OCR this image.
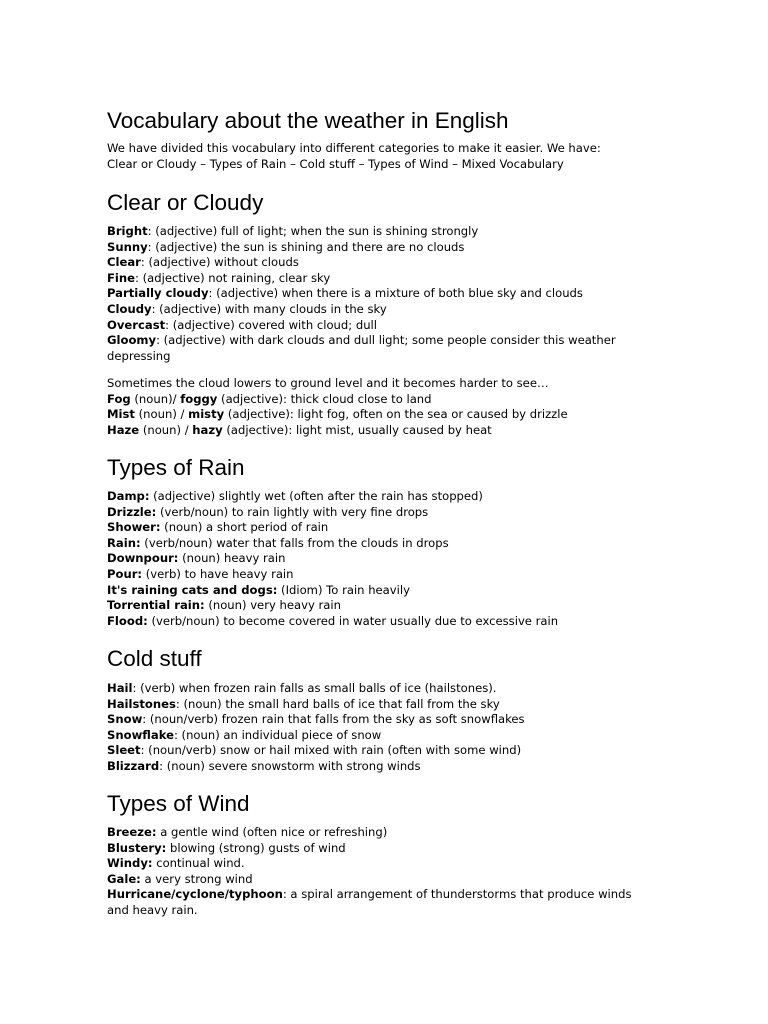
Vocabulary about the weather in English
We have divided this vocabulary into different categories to make it easier. We have:
Clear or Cloudy – Types of Rain – Cold stuff – Types of Wind – Mixed Vocabulary
Clear or Cloudy
Bright: (adjective) full of light; when the sun is shining strongly
Sunny: (adjective) the sun is shining and there are no clouds
Clear: (adjective) without clouds
Fine: (adjective) not raining, clear sky
Partially cloudy: (adjective) when there is a mixture of both blue sky and clouds
Cloudy: (adjective) with many clouds in the sky
Overcast: (adjective) covered with cloud; dull
Gloomy: (adjective) with dark clouds and dull light; some people consider this weather depressing
Sometimes the cloud lowers to ground level and it becomes harder to see…
Fog (noun)/ foggy (adjective): thick cloud close to land
Mist (noun) / misty (adjective): light fog, often on the sea or caused by drizzle
Haze (noun) / hazy (adjective): light mist, usually caused by heat
Types of Rain
Damp: (adjective) slightly wet (often after the rain has stopped)
Drizzle: (verb/noun) to rain lightly with very fine drops
Shower: (noun) a short period of rain
Rain: (verb/noun) water that falls from the clouds in drops
Downpour: (noun) heavy rain
Pour: (verb) to have heavy rain
It's raining cats and dogs: (Idiom) To rain heavily
Torrential rain: (noun) very heavy rain
Flood: (verb/noun) to become covered in water usually due to excessive rain
Cold stuff
Hail: (verb) when frozen rain falls as small balls of ice (hailstones).
Hailstones: (noun) the small hard balls of ice that fall from the sky
Snow: (noun/verb) frozen rain that falls from the sky as soft snowflakes
Snowflake: (noun) an individual piece of snow
Sleet: (noun/verb) snow or hail mixed with rain (often with some wind)
Blizzard: (noun) severe snowstorm with strong winds
Types of Wind
Breeze: a gentle wind (often nice or refreshing)
Blustery: blowing (strong) gusts of wind
Windy: continual wind.
Gale: a very strong wind
Hurricane/cyclone/typhoon: a spiral arrangement of thunderstorms that produce winds and heavy rain.
